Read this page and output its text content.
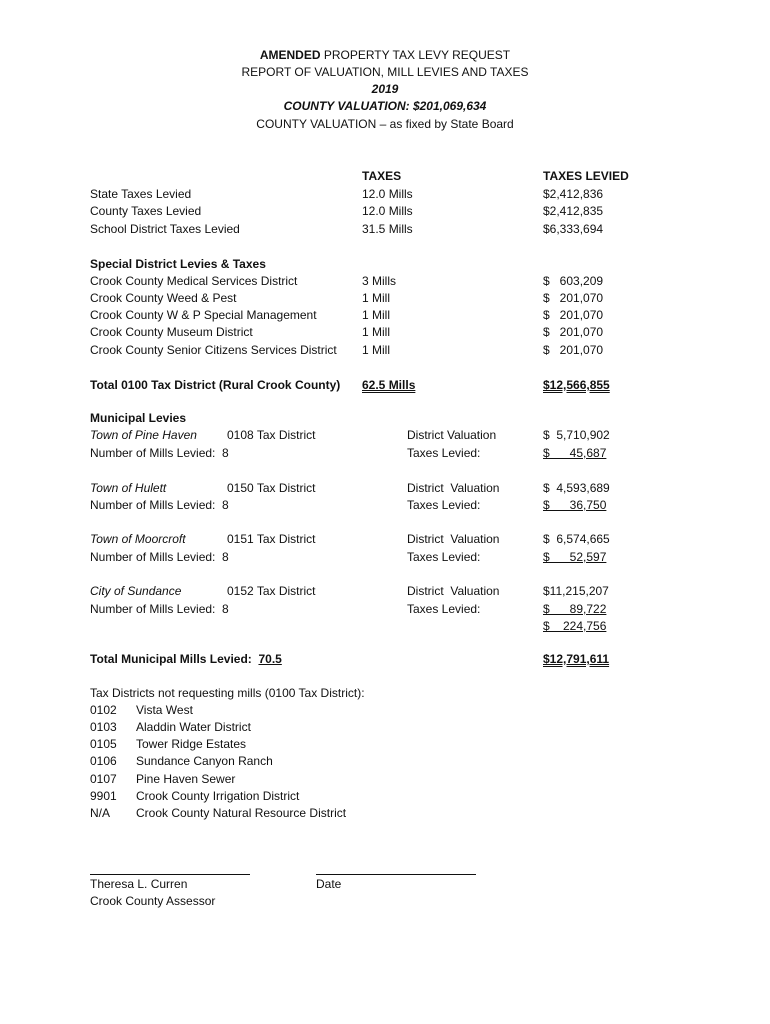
AMENDED PROPERTY TAX LEVY REQUEST
REPORT OF VALUATION, MILL LEVIES AND TAXES
2019
COUNTY VALUATION: $201,069,634
COUNTY VALUATION – as fixed by State Board
TAXES	TAXES LEVIED
State Taxes Levied	12.0 Mills	$2,412,836
County Taxes Levied	12.0 Mills	$2,412,835
School District Taxes Levied	31.5 Mills	$6,333,694
Special District Levies & Taxes
Crook County Medical Services District	3 Mills	$   603,209
Crook County Weed & Pest	1 Mill	$   201,070
Crook County W & P Special Management	1 Mill	$   201,070
Crook County Museum District	1 Mill	$   201,070
Crook County Senior Citizens Services District 1 Mill	$   201,070
Total 0100 Tax District (Rural Crook County) 62.5 Mills	$12,566,855
Municipal Levies
Town of Pine Haven	0108 Tax District	District Valuation	$  5,710,902
Number of Mills Levied:  8	Taxes Levied:	$      45,687
Town of Hulett	0150 Tax District	District  Valuation	$  4,593,689
Number of Mills Levied:  8	Taxes Levied:	$      36,750
Town of Moorcroft	0151 Tax District	District  Valuation	$  6,574,665
Number of Mills Levied:  8	Taxes Levied:	$      52,597
City of Sundance	0152 Tax District	District  Valuation	$11,215,207
Number of Mills Levied:  8	Taxes Levied:	$      89,722
$    224,756
Total Municipal Mills Levied: 70.5	$12,791,611
Tax Districts not requesting mills (0100 Tax District):
0102 Vista West
0103 Aladdin Water District
0105 Tower Ridge Estates
0106 Sundance Canyon Ranch
0107 Pine Haven Sewer
9901 Crook County Irrigation District
N/A Crook County Natural Resource District
Theresa L. Curren	Date
Crook County Assessor
